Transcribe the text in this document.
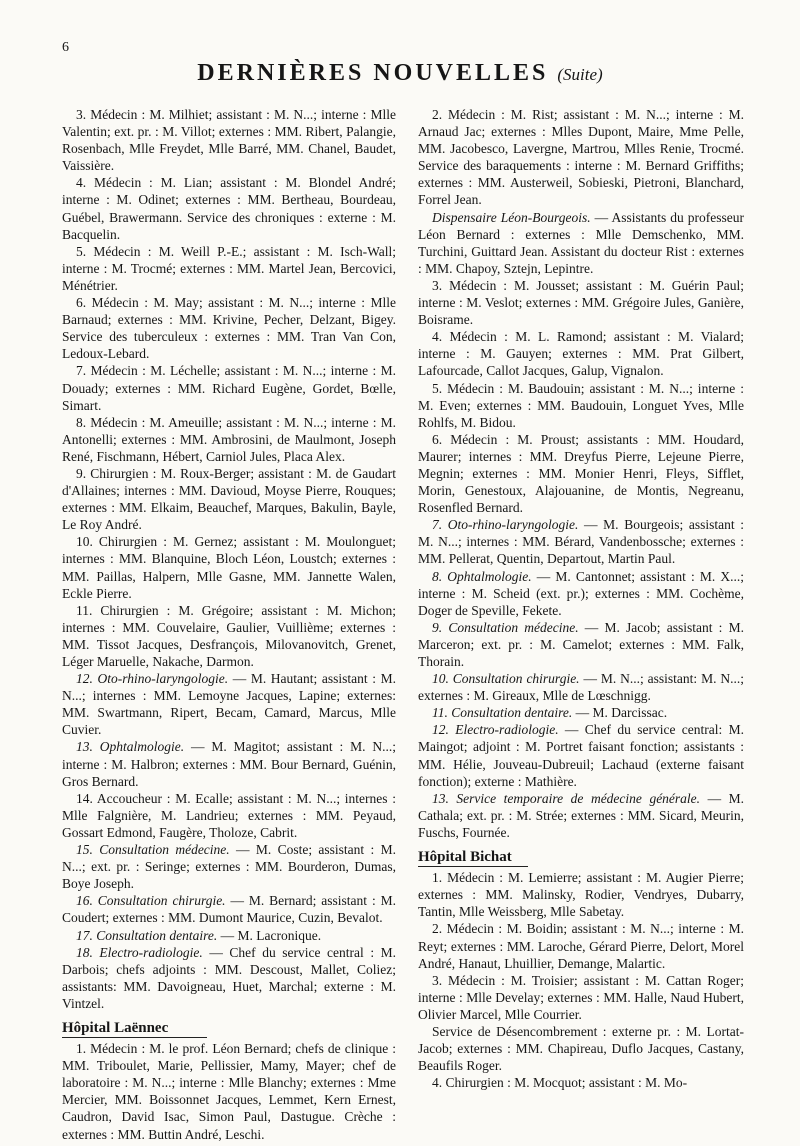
6
DERNIÈRES NOUVELLES (Suite)

3. Médecin : M. Milhiet; assistant : M. N...; interne : Mlle Valentin; ext. pr. : M. Villot; externes : MM. Ribert, Palangie, Rosenbach, Mlle Freydet, Mlle Barré, MM. Chanel, Baudet, Vaissière.

4. Médecin : M. Lian; assistant : M. Blondel André; interne : M. Odinet; externes : MM. Bertheau, Bourdeau, Guébel, Brawermann. Service des chroniques : externe : M. Bacquelin.

5. Médecin : M. Weill P.-E.; assistant : M. Isch-Wall; interne : M. Trocmé; externes : MM. Martel Jean, Bercovici, Ménétrier.

6. Médecin : M. May; assistant : M. N...; interne : Mlle Barnaud; externes : MM. Krivine, Pecher, Delzant, Bigey. Service des tuberculeux : externes : MM. Tran Van Con, Ledoux-Lebard.

7. Médecin : M. Léchelle; assistant : M. N...; interne : M. Douady; externes : MM. Richard Eugène, Gordet, Bœlle, Simart.

8. Médecin : M. Ameuille; assistant : M. N...; interne : M. Antonelli; externes : MM. Ambrosini, de Maulmont, Joseph René, Fischmann, Hébert, Carniol Jules, Placa Alex.

9. Chirurgien : M. Roux-Berger; assistant : M. de Gaudart d'Allaines; internes : MM. Davioud, Moyse Pierre, Rouques; externes : MM. Elkaim, Beauchef, Marques, Bakulin, Bayle, Le Roy André.

10. Chirurgien : M. Gernez; assistant : M. Moulonguet; internes : MM. Blanquine, Bloch Léon, Loustch; externes : MM. Paillas, Halpern, Mlle Gasne, MM. Jannette Walen, Eckle Pierre.

11. Chirurgien : M. Grégoire; assistant : M. Michon; internes : MM. Couvelaire, Gaulier, Vuillième; externes : MM. Tissot Jacques, Desfrançois, Milovanovitch, Grenet, Léger Maruelle, Nakache, Darmon.

12. Oto-rhino-laryngologie. — M. Hautant; assistant : M. N...; internes : MM. Lemoyne Jacques, Lapine; externes: MM. Swartmann, Ripert, Becam, Camard, Marcus, Mlle Cuvier.

13. Ophtalmologie. — M. Magitot; assistant : M. N...; interne : M. Halbron; externes : MM. Bour Bernard, Guénin, Gros Bernard.

14. Accoucheur : M. Ecalle; assistant : M. N...; internes : Mlle Falgnière, M. Landrieu; externes : MM. Peyaud, Gossart Edmond, Faugère, Tholoze, Cabrit.

15. Consultation médecine. — M. Coste; assistant : M. N...; ext. pr. : Seringe; externes : MM. Bourderon, Dumas, Boye Joseph.

16. Consultation chirurgie. — M. Bernard; assistant : M. Coudert; externes : MM. Dumont Maurice, Cuzin, Bevalot.

17. Consultation dentaire. — M. Lacronique.

18. Electro-radiologie. — Chef du service central : M. Darbois; chefs adjoints : MM. Descoust, Mallet, Coliez; assistants: MM. Davoigneau, Huet, Marchal; externe : M. Vintzel.

Hôpital Laënnec

1. Médecin : M. le prof. Léon Bernard; chefs de clinique : MM. Triboulet, Marie, Pellissier, Mamy, Mayer; chef de laboratoire : M. N...; interne : Mlle Blanchy; externes : Mme Mercier, MM. Boissonnet Jacques, Lemmet, Kern Ernest, Caudron, David Isac, Simon Paul, Dastugue. Crèche : externes : MM. Buttin André, Leschi.

2. Médecin : M. Rist; assistant : M. N...; interne : M. Arnaud Jac; externes : Mlles Dupont, Maire, Mme Pelle, MM. Jacobesco, Lavergne, Martrou, Mlles Renie, Trocmé. Service des baraquements : interne : M. Bernard Griffiths; externes : MM. Austerweil, Sobieski, Pietroni, Blanchard, Forrel Jean.

Dispensaire Léon-Bourgeois. — Assistants du professeur Léon Bernard : externes : Mlle Demschenko, MM. Turchini, Guittard Jean. Assistant du docteur Rist : externes : MM. Chapoy, Sztejn, Lepintre.

3. Médecin : M. Jousset; assistant : M. Guérin Paul; interne : M. Veslot; externes : MM. Grégoire Jules, Ganière, Boisrame.

4. Médecin : M. L. Ramond; assistant : M. Vialard; interne : M. Gauyen; externes : MM. Prat Gilbert, Lafourcade, Callot Jacques, Galup, Vignalon.

5. Médecin : M. Baudouin; assistant : M. N...; interne : M. Even; externes : MM. Baudouin, Longuet Yves, Mlle Rohlfs, M. Bidou.

6. Médecin : M. Proust; assistants : MM. Houdard, Maurer; internes : MM. Dreyfus Pierre, Lejeune Pierre, Megnin; externes : MM. Monier Henri, Fleys, Sifflet, Morin, Genestoux, Alajouanine, de Montis, Negreanu, Rosenfled Bernard.

7. Oto-rhino-laryngologie. — M. Bourgeois; assistant : M. N...; internes : MM. Bérard, Vandenbossche; externes : MM. Pellerat, Quentin, Departout, Martin Paul.

8. Ophtalmologie. — M. Cantonnet; assistant : M. X...; interne : M. Scheid (ext. pr.); externes : MM. Cochème, Doger de Speville, Fekete.

9. Consultation médecine. — M. Jacob; assistant : M. Marceron; ext. pr. : M. Camelot; externes : MM. Falk, Thorain.

10. Consultation chirurgie. — M. N...; assistant: M. N...; externes : M. Gireaux, Mlle de Lœschnigg.

11. Consultation dentaire. — M. Darcissac.

12. Electro-radiologie. — Chef du service central: M. Maingot; adjoint : M. Portret faisant fonction; assistants : MM. Hélie, Jouveau-Dubreuil; Lachaud (externe faisant fonction); externe : Mathière.

13. Service temporaire de médecine générale. — M. Cathala; ext. pr. : M. Strée; externes : MM. Sicard, Meurin, Fuschs, Fournée.

Hôpital Bichat

1. Médecin : M. Lemierre; assistant : M. Augier Pierre; externes : MM. Malinsky, Rodier, Vendryes, Dubarry, Tantin, Mlle Weissberg, Mlle Sabetay.

2. Médecin : M. Boidin; assistant : M. N...; interne : M. Reyt; externes : MM. Laroche, Gérard Pierre, Delort, Morel André, Hanaut, Lhuillier, Demange, Malartic.

3. Médecin : M. Troisier; assistant : M. Cattan Roger; interne : Mlle Develay; externes : MM. Halle, Naud Hubert, Olivier Marcel, Mlle Courrier.

Service de Désencombrement : externe pr. : M. Lortat-Jacob; externes : MM. Chapireau, Duflo Jacques, Castany, Beaufils Roger.

4. Chirurgien : M. Mocquot; assistant : M. Mo-
